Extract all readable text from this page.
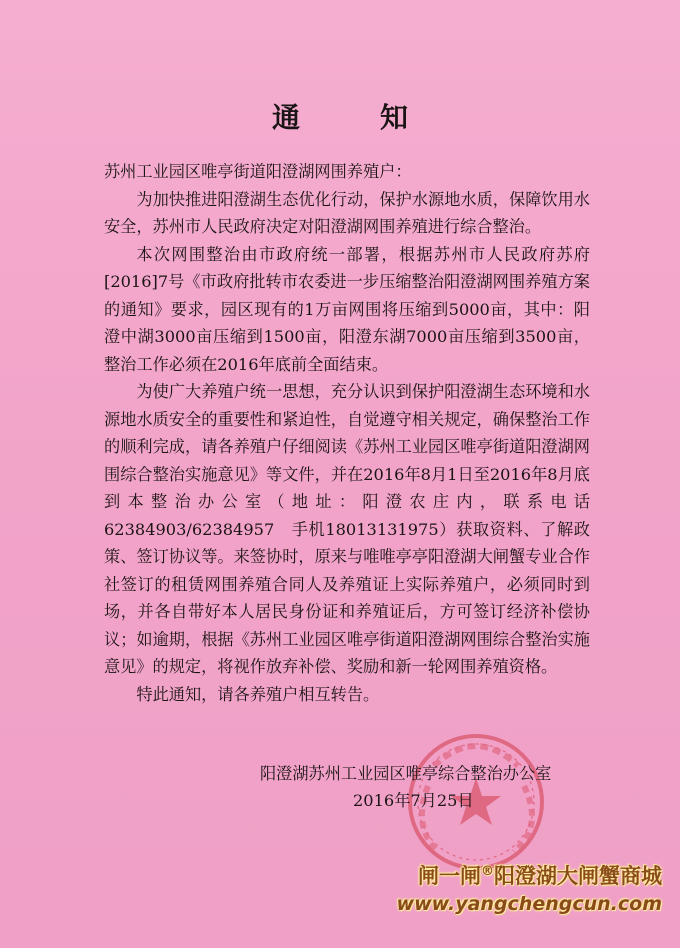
通　知

苏州工业园区唯亭街道阳澄湖网围养殖户：

为加快推进阳澄湖生态优化行动，保护水源地水质，保障饮用水安全，苏州市人民政府决定对阳澄湖网围养殖进行综合整治。

本次网围整治由市政府统一部署，根据苏州市人民政府苏府[2016]7号《市政府批转市农委进一步压缩整治阳澄湖网围养殖方案的通知》要求，园区现有的1万亩网围将压缩到5000亩，其中：阳澄中湖3000亩压缩到1500亩，阳澄东湖7000亩压缩到3500亩，整治工作必须在2016年底前全面结束。

为使广大养殖户统一思想，充分认识到保护阳澄湖生态环境和水源地水质安全的重要性和紧迫性，自觉遵守相关规定，确保整治工作的顺利完成，请各养殖户仔细阅读《苏州工业园区唯亭街道阳澄湖网围综合整治实施意见》等文件，并在2016年8月1日至2016年8月底到本整治办公室（地址：阳澄农庄内，联系电话62384903/62384957　手机18013131975）获取资料、了解政策、签订协议等。来签协时，原来与唯唯亭亭阳澄湖大闸蟹专业合作社签订的租赁网围养殖合同人及养殖证上实际养殖户，必须同时到场，并各自带好本人居民身份证和养殖证后，方可签订经济补偿协议；如逾期，根据《苏州工业园区唯亭街道阳澄湖网围综合整治实施意见》的规定，将视作放弃补偿、奖励和新一轮网围养殖资格。

特此通知，请各养殖户相互转告。

阳澄湖苏州工业园区唯亭综合整治办公室
2016年7月25日
闸一闸®阳澄湖大闸蟹商城
www.yangchengcun.com
